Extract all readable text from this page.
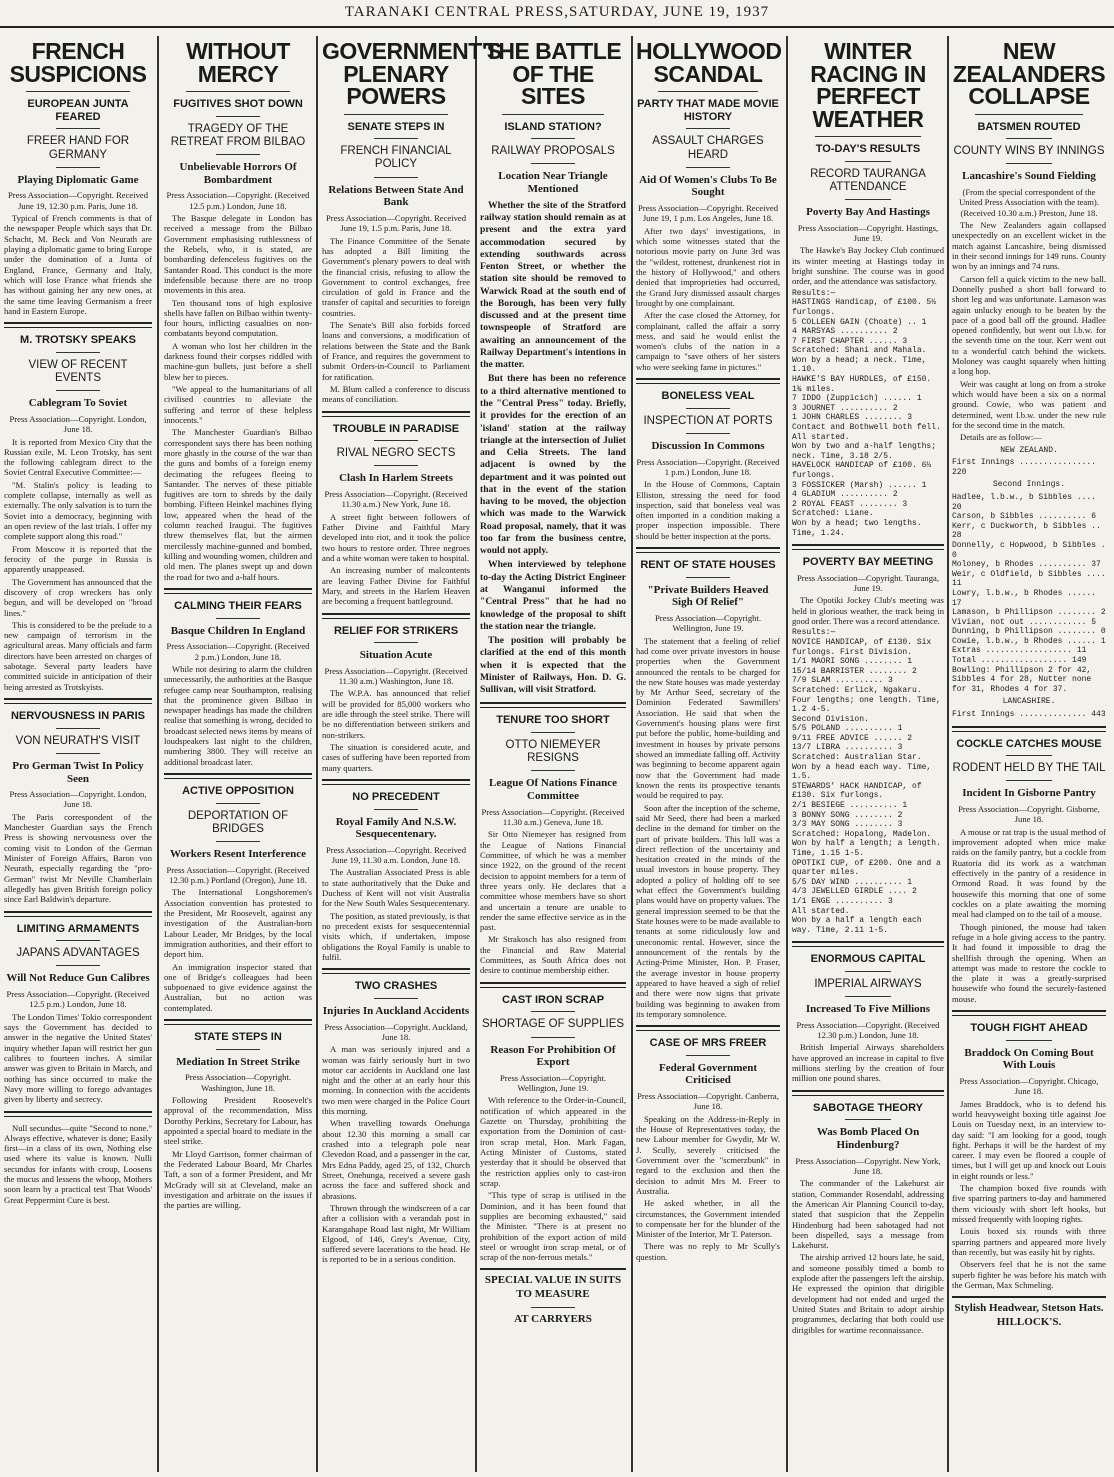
TARANAKI CENTRAL PRESS,SATURDAY, JUNE 19, 1937
FRENCH SUSPICIONS
EUROPEAN JUNTA FEARED
FREER HAND FOR GERMANY
Playing Diplomatic Game
Press Association—Copyright. Received June 19, 12.30 p.m. Paris, June 18.

Typical of French comments is that of the newspaper Peuple which says that Dr. Schacht, M. Beck and Von Neurath are playing a diplomatic game to bring Europe under the domination of a Junta of England, France, Germany and Italy, which will lose France what friends she has without gaining her any new ones, at the same time leaving Germanism a freer hand in Eastern Europe.

M. TROTSKY SPEAKS
VIEW OF RECENT EVENTS
Cablegram To Soviet
Press Association—Copyright. London, June 18.

It is reported from Mexico City that the Russian exile, M. Leon Trotsky, has sent the following cablegram direct to the Soviet Central Executive Committee:—

"M. Stalin's policy is leading to complete collapse, internally as well as externally. The only salvation is to turn the Soviet into a democracy, beginning with an open review of the last trials. I offer my complete support along this road."

From Moscow it is reported that the ferocity of the purge in Russia is apparently unappeased.

The Government has announced that the discovery of crop wreckers has only begun, and will be developed on "broad lines."

This is considered to be the prelude to a new campaign of terrorism in the agricultural areas. Many officials and farm directors have been arrested on charges of sabotage. Several party leaders have committed suicide in anticipation of their being arrested as Trotskyists.

NERVOUSNESS IN PARIS
VON NEURATH'S VISIT
Pro German Twist In Policy Seen
Press Association—Copyright. London, June 18.

The Paris correspondent of the Manchester Guardian says the French Press is showing nervousness over the coming visit to London of the German Minister of Foreign Affairs, Baron von Neurath, especially regarding the "pro-German" twist Mr Neville Chamberlain allegedly has given British foreign policy since Earl Baldwin's departure.

LIMITING ARMAMENTS
JAPANS ADVANTAGES
Will Not Reduce Gun Calibres
Press Association—Copyright. (Received 12.5 p.m.) London, June 18.

The London Times' Tokio correspondent says the Government has decided to answer in the negative the United States' inquiry whether Japan will restrict her gun calibres to fourteen inches. A similar answer was given to Britain in March, and nothing has since occurred to make the Navy more willing to forego advantages given by liberty and secrecy.

Null secundus—quite "Second to none." Always effective, whatever is done; Easily first—in a class of its own, Nothing else used where its value is known. Nulli secundus for infants with croup, Loosens the mucus and lessens the whoop, Mothers soon learn by a practical test That Woods' Great Peppermint Cure is best.

WITHOUT MERCY
FUGITIVES SHOT DOWN
TRAGEDY OF THE RETREAT FROM BILBAO
Unbelievable Horrors Of Bombardment
Press Association—Copyright. (Received 12.5 p.m.) London, June 18.

The Basque delegate in London has received a message from the Bilbao Government emphasising ruthlessness of the Rebels, who, it is stated, are bombarding defenceless fugitives on the Santander Road. This conduct is the more indefensible because there are no troop movements in this area.

Ten thousand tons of high explosive shells have fallen on Bilbao within twenty-four hours, inflicting casualties on non-combatants beyond computation.

A woman who lost her children in the darkness found their corpses riddled with machine-gun bullets, just before a shell blew her to pieces.

"We appeal to the humanitarians of all civilised countries to alleviate the suffering and terror of these helpless innocents."

The Manchester Guardian's Bilbao correspondent says there has been nothing more ghastly in the course of the war than the guns and bombs of a foreign enemy decimating the refugees fleeing to Santander. The nerves of these pitiable fugitives are torn to shreds by the daily bombing. Fifteen Heinkel machines flying low, appeared when the head of the column reached Iraugui. The fugitives threw themselves flat, but the airmen mercilessly machine-gunned and bombed, killing and wounding women, children and old men. The planes swept up and down the road for two and a-half hours.

CALMING THEIR FEARS
Basque Children In England
Press Association—Copyright. (Received 2 p.m.) London, June 18.

While not desiring to alarm the children unnecessarily, the authorities at the Basque refugee camp near Southampton, realising that the prominence given Bilbao in newspaper headings has made the children realise that something is wrong, decided to broadcast selected news items by means of loudspeakers last night to the children, numbering 3800. They will receive an additional broadcast later.

ACTIVE OPPOSITION
DEPORTATION OF BRIDGES
Workers Resent Interference
Press Association—Copyright. (Received 12.30 p.m.) Portland (Oregon), June 18.

The International Longshoremen's Association convention has protested to the President, Mr Roosevelt, against any investigation of the Australian-born Labour Leader, Mr Bridges, by the local immigration authorities, and their effort to deport him.

An immigration inspector stated that one of Bridge's colleagues had been subpoenaed to give evidence against the Australian, but no action was contemplated.

STATE STEPS IN
Mediation In Street Strike
Press Association—Copyright. Washington, June 18.

Following President Roosevelt's approval of the recommendation, Miss Dorothy Perkins, Secretary for Labour, has appointed a special board to mediate in the steel strike.

Mr Lloyd Garrison, former chairman of the Federated Labour Board, Mr Charles Taft, a son of a former President, and Mr McGrady will sit at Cleveland, make an investigation and arbitrate on the issues if the parties are willing.

GOVERNMENT'S PLENARY POWERS
SENATE STEPS IN
FRENCH FINANCIAL POLICY
Relations Between State And Bank
Press Association—Copyright. Received June 19, 1.5 p.m. Paris, June 18.

The Finance Committee of the Senate has adopted a Bill limiting the Government's plenary powers to deal with the financial crisis, refusing to allow the Government to control exchanges, free circulation of gold in France and the transfer of capital and securities to foreign countries.

The Senate's Bill also forbids forced loans and conversions, a modification of relations between the State and the Bank of France, and requires the government to submit Orders-in-Council to Parliament for ratification.

M. Blum called a conference to discuss means of conciliation.

TROUBLE IN PARADISE
RIVAL NEGRO SECTS
Clash In Harlem Streets
Press Association—Copyright. (Received 11.30 a.m.) New York, June 18.

A street fight between followers of Father Divine and Faithful Mary developed into riot, and it took the police two hours to restore order. Three negroes and a white woman were taken to hospital.

An increasing number of malcontents are leaving Father Divine for Faithful Mary, and streets in the Harlem Heaven are becoming a frequent battleground.

RELIEF FOR STRIKERS
Situation Acute
Press Association—Copyright. (Received 11.30 a.m.) Washington, June 18.

The W.P.A. has announced that relief will be provided for 85,000 workers who are idle through the steel strike. There will be no differentiation between strikers and non-strikers.

The situation is considered acute, and cases of suffering have been reported from many quarters.

NO PRECEDENT
Royal Family And N.S.W. Sesquecentenary.
Press Association—Copyright. Received June 19, 11.30 a.m. London, June 18.

The Australian Associated Press is able to state authoritatively that the Duke and Duchess of Kent will not visit Australia for the New South Wales Sesquecentenary.

The position, as stated previously, is that no precedent exists for sesquecentennial visits which, if undertaken, impose obligations the Royal Family is unable to fulfil.

TWO CRASHES
Injuries In Auckland Accidents
Press Association—Copyright. Auckland, June 18.

A man was seriously injured and a woman was fairly seriously hurt in two motor car accidents in Auckland one last night and the other at an early hour this morning. In connection with the accidents two men were charged in the Police Court this morning.

When travelling towards Onehunga about 12.30 this morning a small car crashed into a telegraph pole near Clevedon Road, and a passenger in the car, Mrs Edna Paddy, aged 25, of 132, Church Street, Onehunga, received a severe gash across the face and suffered shock and abrasions.

Thrown through the windscreen of a car after a collision with a verandah post in Karangahape Road last night, Mr William Elgood, of 146, Grey's Avenue, City, suffered severe lacerations to the head. He is reported to be in a serious condition.

THE BATTLE OF THE SITES
ISLAND STATION?
RAILWAY PROPOSALS
Location Near Triangle Mentioned

Whether the site of the Stratford railway station should remain as at present and the extra yard accommodation secured by extending southwards across Fenton Street, or whether the station site should be removed to Warwick Road at the south end of the Borough, has been very fully discussed and at the present time townspeople of Stratford are awaiting an announcement of the Railway Department's intentions in the matter.

But there has been no reference to a third alternative mentioned to the "Central Press" today. Briefly, it provides for the erection of an 'island' station at the railway triangle at the intersection of Juliet and Celia Streets. The land adjacent is owned by the department and it was pointed out that in the event of the station having to be moved, the objection which was made to the Warwick Road proposal, namely, that it was too far from the business centre, would not apply.

When interviewed by telephone to-day the Acting District Engineer at Wanganui informed the "Central Press" that he had no knowledge of the proposal to shift the station near the triangle.

The position will probably be clarified at the end of this month when it is expected that the Minister of Railways, Hon. D. G. Sullivan, will visit Stratford.

TENURE TOO SHORT
OTTO NIEMEYER RESIGNS
League Of Nations Finance Committee
Press Association—Copyright. (Received 11.30 a.m.) Geneva, June 18.

Sir Otto Niemeyer has resigned from the League of Nations Financial Committee, of which he was a member since 1922, on the ground of the recent decision to appoint members for a term of three years only. He declares that a committee whose members have so short and uncertain a tenure are unable to render the same effective service as in the past.

Mr Strakosch has also resigned from the Financial and Raw Material Committees, as South Africa does not desire to continue membership either.

CAST IRON SCRAP
SHORTAGE OF SUPPLIES
Reason For Prohibition Of Export
Press Association—Copyright. Wellington, June 19.

With reference to the Order-in-Council, notification of which appeared in the Gazette on Thursday, prohibiting the exportation from the Dominion of cast-iron scrap metal, Hon. Mark Fagan, Acting Minister of Customs, stated yesterday that it should be observed that the restriction applies only to cast-iron scrap.

"This type of scrap is utilised in the Dominion, and it has been found that supplies are becoming exhausted," said the Minister. "There is at present no prohibition of the export action of mild steel or wrought iron scrap metal, or of scrap of the non-ferrous metals."

SPECIAL VALUE IN SUITS TO MEASURE
AT CARRYERS
HOLLYWOOD SCANDAL
PARTY THAT MADE MOVIE HISTORY
ASSAULT CHARGES HEARD
Aid Of Women's Clubs To Be Sought
Press Association—Copyright. Received June 19, 1 p.m. Los Angeles, June 18.

After two days' investigations, in which some witnesses stated that the notorious movie party on June 3rd was the "wildest, rottenest, drunkenest riot in the history of Hollywood," and others denied that improprieties had occurred, the Grand Jury dismissed assault charges brought by one complainant.

After the case closed the Attorney, for complainant, called the affair a sorry mess, and said he would enlist the women's clubs of the nation in a campaign to "save others of her sisters who were seeking fame in pictures."

BONELESS VEAL
INSPECTION AT PORTS
Discussion In Commons
Press Association—Copyright. (Received 1 p.m.) London, June 18.

In the House of Commons, Captain Elliston, stressing the need for food inspection, said that boneless veal was often imported in a condition making a proper inspection impossible. There should be better inspection at the ports.

RENT OF STATE HOUSES
"Private Builders Heaved Sigh Of Relief"
Press Association—Copyright. Wellington, June 19.

The statement that a feeling of relief had come over private investors in house properties when the Government announced the rentals to be charged for the new State houses was made yesterday by Mr Arthur Seed, secretary of the Dominion Federated Sawmillers' Association. He said that when the Government's housing plans were first put before the public, home-building and investment in houses by private persons showed an immediate falling off. Activity was beginning to become apparent again now that the Government had made known the rents its prospective tenants would be required to pay.

Soon after the inception of the scheme, said Mr Seed, there had been a marked decline in the demand for timber on the part of private builders. This lull was a direct reflection of the uncertainty and hesitation created in the minds of the usual investors in house property. They adopted a policy of holding off to see what effect the Government's building plans would have on property values. The general impression seemed to be that the State houses were to be made available to tenants at some ridiculously low and uneconomic rental. However, since the announcement of the rentals by the Acting-Prime Minister, Hon. P. Fraser, the average investor in house property appeared to have heaved a sigh of relief and there were now signs that private building was beginning to awaken from its temporary somnolence.

CASE OF MRS FREER
Federal Government Criticised
Press Association—Copyright. Canberra, June 18.

Speaking on the Address-in-Reply in the House of Representatives today, the new Labour member for Gwydir, Mr W. J. Scully, severely criticised the Government over the "scmerzbunk" in regard to the exclusion and then the decision to admit Mrs M. Freer to Australia.

He asked whether, in all the circumstances, the Government intended to compensate her for the blunder of the Minister of the Interior, Mr T. Paterson.

There was no reply to Mr Scully's question.

WINTER RACING IN PERFECT WEATHER
TO-DAY'S RESULTS
RECORD TAURANGA ATTENDANCE
Poverty Bay And Hastings
Press Association—Copyright. Hastings, June 19.

The Hawke's Bay Jockey Club continued its winter meeting at Hastings today in bright sunshine. The course was in good order, and the attendance was satisfactory.

Results:—
HASTINGS Handicap, of £100. 5½ furlongs.
5 COLLEEN GAIN (Choate) .. 1
4 MARSYAS .......... 2
7 FIRST CHAPTER ...... 3
Scratched: Shani and Mahala.
Won by a head; a neck. Time, 1.10.
HAWKE'S BAY HURDLES, of £150. 1¾ miles.
7 IDDO (Zuppicich) ...... 1
3 JOURNET .......... 2
1 JOHN CHARLES ........ 3
Contact and Bothwell both fell. All started.
Won by two and a-half lengths; neck. Time, 3.18 2/5.
HAVELOCK HANDICAP of £100. 6½ furlongs.
3 FOSSICKER (Marsh) ...... 1
4 GLADIUM .......... 2
2 ROYAL FEAST ........ 3
Scratched: Liane.
Won by a head; two lengths. Time, 1.24.
POVERTY BAY MEETING
Press Association—Copyright. Tauranga, June 19.

The Opotiki Jockey Club's meeting was held in glorious weather, the track being in good order. There was a record attendance.

Results:—
NOVICE HANDICAP, of £130. Six furlongs. First Division.
1/1 MAORI SONG ........ 1
15/14 BARRISTER ........ 2
7/9 SLAM .......... 3
Scratched: Erlick, Ngakaru.
Four lengths; one length. Time, 1.2 4-5.
Second Division.
5/5 POLAND .......... 1
9/11 FREE ADVICE ...... 2
13/7 LIBRA .......... 3
Scratched: Australian Star.
Won by a head each way. Time, 1.5.
STEWARDS' HACK HANDICAP, of £130. Six furlongs.
2/1 BESIEGE .......... 1
3 BONNY SONG ........ 2
3/3 MAY SONG ........ 3
Scratched: Hopalong, Madelon.
Won by half a length; a length. Time, 1.15 1-5.
OPOTIKI CUP, of £200. One and a quarter miles.
5/5 DAY WIND .......... 1
4/3 JEWELLED GIRDLE .... 2
1/1 ENGE .......... 3
All started.
Won by a half a length each way. Time, 2.11 1-5.
ENORMOUS CAPITAL
IMPERIAL AIRWAYS
Increased To Five Millions
Press Association—Copyright. (Received 12.30 p.m.) London, June 18.

British Imperial Airways shareholders have approved an increase in capital to five millions sterling by the creation of four million one pound shares.

SABOTAGE THEORY
Was Bomb Placed On Hindenburg?
Press Association—Copyright. New York, June 18.

The commander of the Lakehurst air station, Commander Rosendahl, addressing the American Air Planning Council to-day, stated that suspicion that the Zeppelin Hindenburg had been sabotaged had not been dispelled, says a message from Lakehurst.

The airship arrived 12 hours late, he said, and someone possibly timed a bomb to explode after the passengers left the airship. He expressed the opinion that dirigible development had not ended and urged the United States and Britain to adopt airship programmes, declaring that both could use dirigibles for wartime reconnaissance.

NEW ZEALANDERS COLLAPSE
BATSMEN ROUTED
COUNTY WINS BY INNINGS
Lancashire's Sound Fielding
(From the special correspondent of the United Press Association with the team). (Received 10.30 a.m.) Preston, June 18.

The New Zealanders again collapsed unexpectedly on an excellent wicket in the match against Lancashire, being dismissed in their second innings for 149 runs. County won by an innings and 74 runs.

Carson fell a quick victim to the new ball. Donnelly pushed a short ball forward to short leg and was unfortunate. Lamason was again unlucky enough to be beaten by the pace of a good ball off the ground. Hadlee opened confidently, but went out l.b.w. for the seventh time on the tour. Kerr went out to a wonderful catch behind the wickets. Moloney was caught squarely when hitting a long hop.

Weir was caught at long on from a stroke which would have been a six on a normal ground. Cowie, who was patient and determined, went l.b.w. under the new rule for the second time in the match.

Details are as follow:—

NEW ZEALAND.
First Innings ................ 220
Second Innings.
Hadlee, l.b.w., b Sibbles .... 20
Carson, b Sibbles .......... 6
Kerr, c Duckworth, b Sibbles .. 28
Donnelly, c Hopwood, b Sibbles . 0
Moloney, b Rhodes .......... 37
Weir, c Oldfield, b Sibbles .... 11
Lowry, l.b.w., b Rhodes ...... 17
Lamason, b Phillipson ........ 2
Vivian, not out ............ 5
Dunning, b Phillipson ........ 0
Cowie, l.b.w., b Rhodes ...... 1
Extras .................. 11
Total .................. 149
Bowling: Phillipson 2 for 42, Sibbles 4 for 28, Nutter none for 31, Rhodes 4 for 37.
LANCASHIRE.
First Innings .............. 443
COCKLE CATCHES MOUSE
RODENT HELD BY THE TAIL
Incident In Gisborne Pantry
Press Association—Copyright. Gisborne, June 18.

A mouse or rat trap is the usual method of improvement adopted when mice make raids on the family pantry, but a cockle from Ruatoria did its work as a watchman effectively in the pantry of a residence in Ormond Road. It was found by the housewife this morning that one of some cockles on a plate awaiting the morning meal had clamped on to the tail of a mouse.

Though pinioned, the mouse had taken refuge in a hole giving access to the pantry. It had found it impossible to drag the shellfish through the opening. When an attempt was made to restore the cockle to the plate it was a greatly-surprised housewife who found the securely-fastened mouse.

TOUGH FIGHT AHEAD
Braddock On Coming Bout With Louis
Press Association—Copyright. Chicago, June 18.

James Braddock, who is to defend his world heavyweight boxing title against Joe Louis on Tuesday next, in an interview to-day said: "I am looking for a good, tough fight. Perhaps it will be the hardest of my career. I may even be floored a couple of times, but I will get up and knock out Louis in eight rounds or less."

The champion boxed five rounds with five sparring partners to-day and hammered them viciously with short left hooks, but missed frequently with looping rights.

Louis boxed six rounds with three sparring partners and appeared more lively than recently, but was easily hit by rights.

Observers feel that he is not the same superb fighter he was before his match with the German, Max Schmeling.

Stylish Headwear, Stetson Hats.
HILLOCK'S.
